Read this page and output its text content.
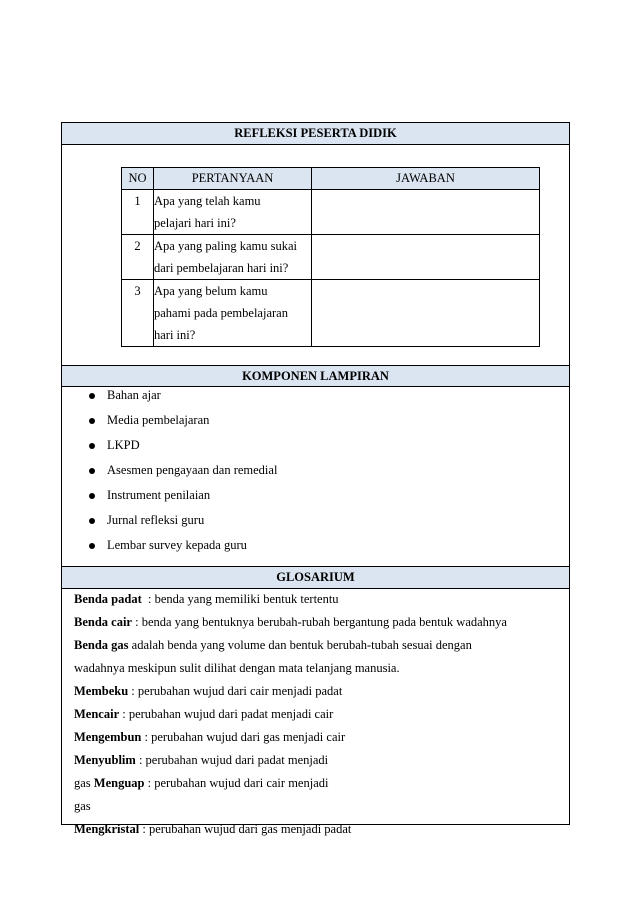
REFLEKSI PESERTA DIDIK
KOMPONEN LAMPIRAN
GLOSARIUM
NO	PERTANYAAN	JAWABAN
1	Apa yang telah kamu
pelajari hari ini?	

2	Apa yang paling kamu sukai
dari pembelajaran hari ini?	

3	Apa yang belum kamu
pahami pada pembelajaran
hari ini?	

Bahan ajar
Media pembelajaran
LKPD
Asesmen pengayaan dan remedial
Instrument penilaian
Jurnal refleksi guru
Lembar survey kepada guru
Benda padat  : benda yang memiliki bentuk tertentu
Benda cair : benda yang bentuknya berubah-rubah bergantung pada bentuk wadahnya
Benda gas adalah benda yang volume dan bentuk berubah-tubah sesuai dengan
wadahnya meskipun sulit dilihat dengan mata telanjang manusia.
Membeku : perubahan wujud dari cair menjadi padat
Mencair : perubahan wujud dari padat menjadi cair
Mengembun : perubahan wujud dari gas menjadi cair
Menyublim : perubahan wujud dari padat menjadi
gas Menguap : perubahan wujud dari cair menjadi
gas
Mengkristal : perubahan wujud dari gas menjadi padat
